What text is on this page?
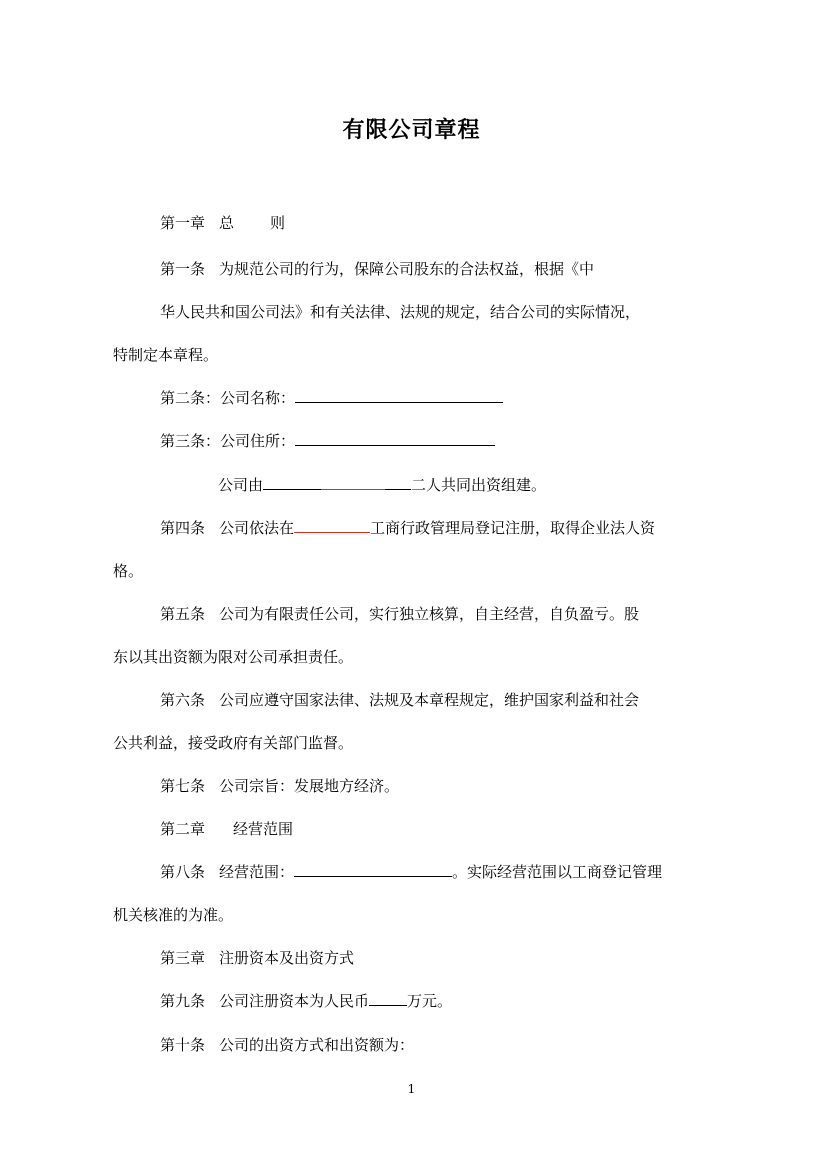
有限公司章程
第一章 总 则
第一条 为规范公司的行为，保障公司股东的合法权益，根据《中
华人民共和国公司法》和有关法律、法规的规定，结合公司的实际情况，
特制定本章程。
第二条：公司名称：
第三条：公司住所：
公司由	二人共同出资组建。
第四条 公司依法在	工商行政管理局登记注册，取得企业法人资
格。
第五条 公司为有限责任公司，实行独立核算，自主经营，自负盈亏。股
东以其出资额为限对公司承担责任。
第六条 公司应遵守国家法律、法规及本章程规定，维护国家利益和社会
公共利益，接受政府有关部门监督。
第七条 公司宗旨：发展地方经济。
第二章 经营范围
第八条 经营范围：	。实际经营范围以工商登记管理
机关核准的为准。
第三章 注册资本及出资方式
第九条 公司注册资本为人民币	万元。
第十条 公司的出资方式和出资额为：
1
